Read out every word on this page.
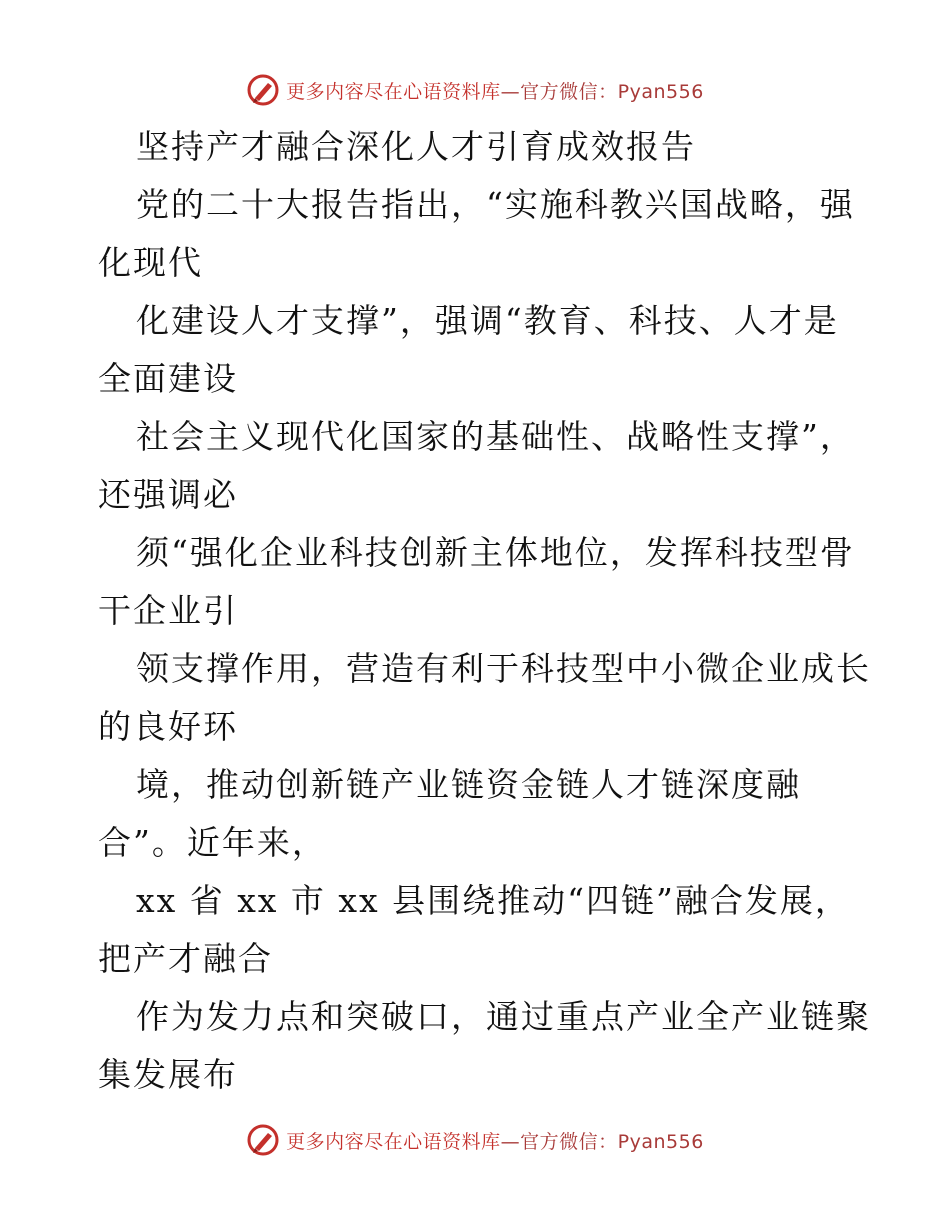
更多内容尽在心语资料库—官方微信：Pyan556
坚持产才融合深化人才引育成效报告
党的二十大报告指出，“实施科教兴国战略，强
化现代
化建设人才支撑”，强调“教育、科技、人才是
全面建设
社会主义现代化国家的基础性、战略性支撑”，
还强调必
须“强化企业科技创新主体地位，发挥科技型骨
干企业引
领支撑作用，营造有利于科技型中小微企业成长
的良好环
境，推动创新链产业链资金链人才链深度融
合”。近年来，
xx 省 xx 市 xx 县围绕推动“四链”融合发展，
把产才融合
作为发力点和突破口，通过重点产业全产业链聚
集发展布
更多内容尽在心语资料库—官方微信：Pyan556
